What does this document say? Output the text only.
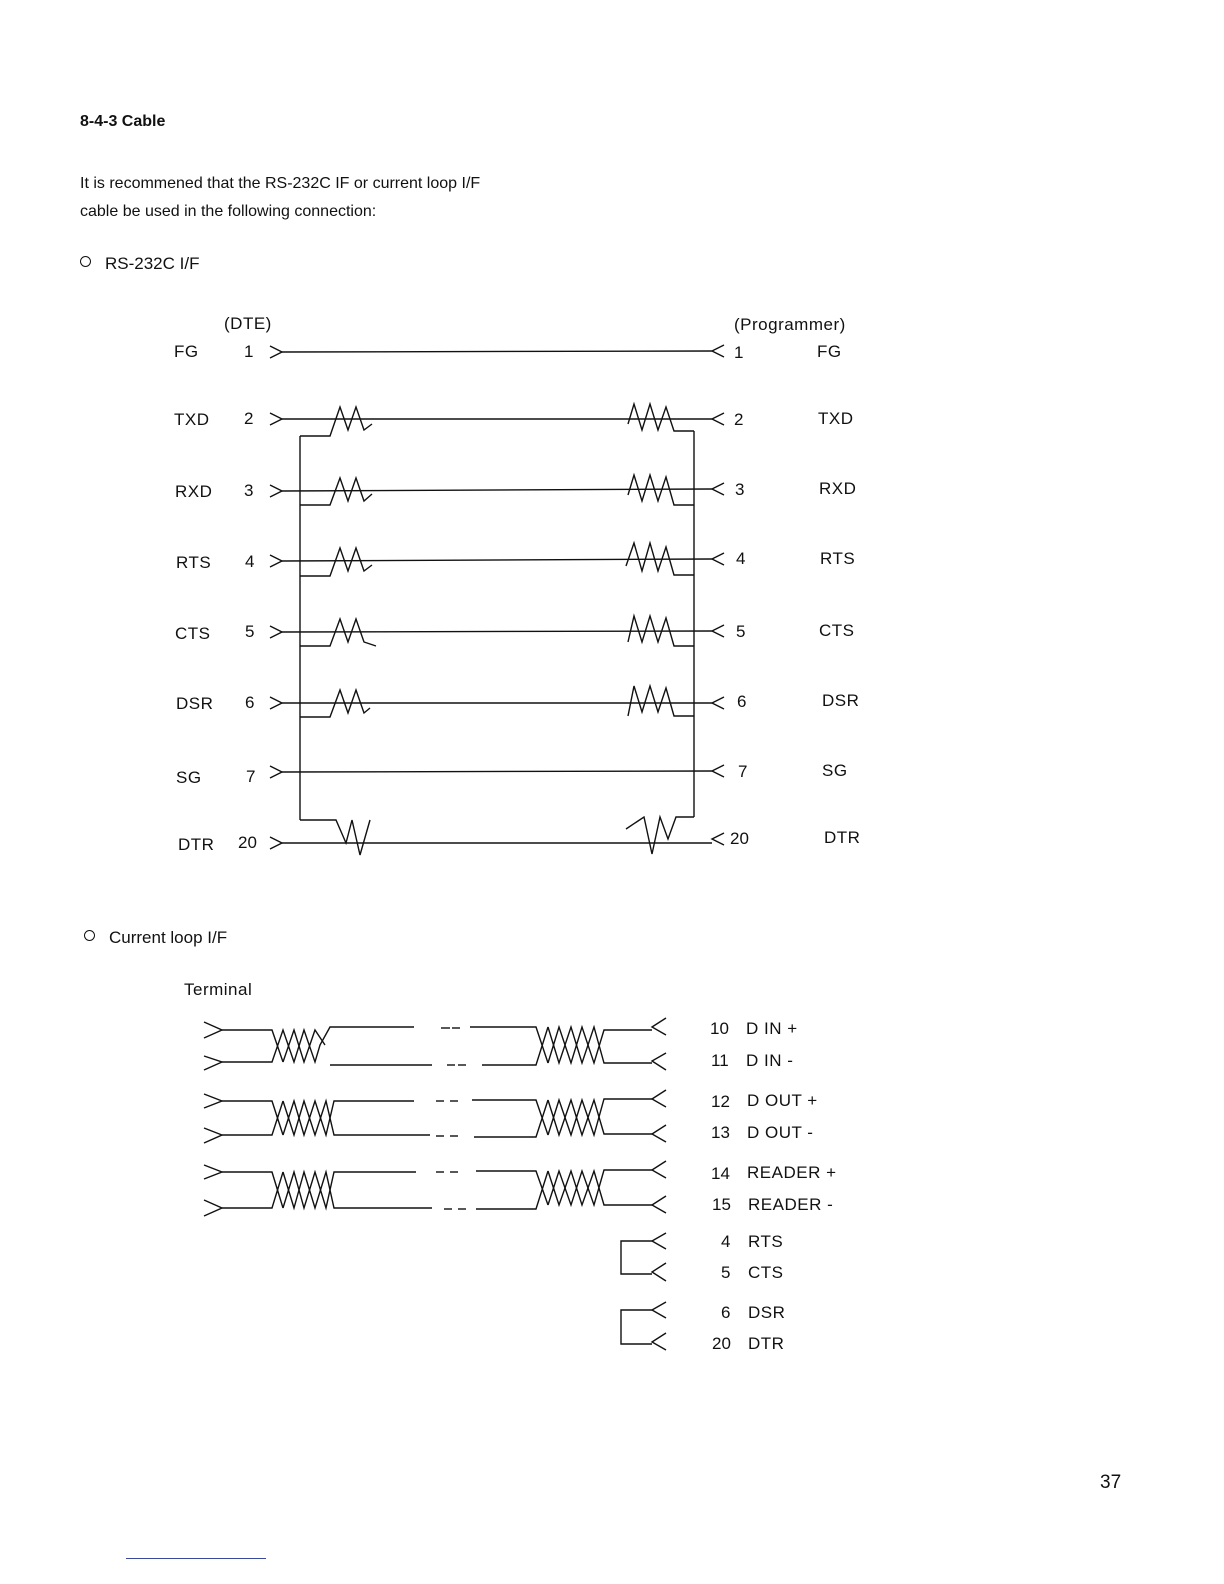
8-4-3 Cable
It is recommened that the RS-232C IF or current loop I/F
cable be used in the following connection:
RS-232C I/F
(DTE)	(Programmer)
FG	1	1	FG
TXD 2	2	TXD
RXD 3	3	RXD
RTS 4	4	RTS
CTS 5	5	CTS
DSR 6	6	DSR
SG	7	7	SG
DTR 20	20	DTR
Current loop I/F
Terminal
10 D IN +
11 D IN -
12 D OUT +
13 D OUT -
14 READER +
15 READER -
4 RTS
5 CTS
6 DSR
20 DTR
37
